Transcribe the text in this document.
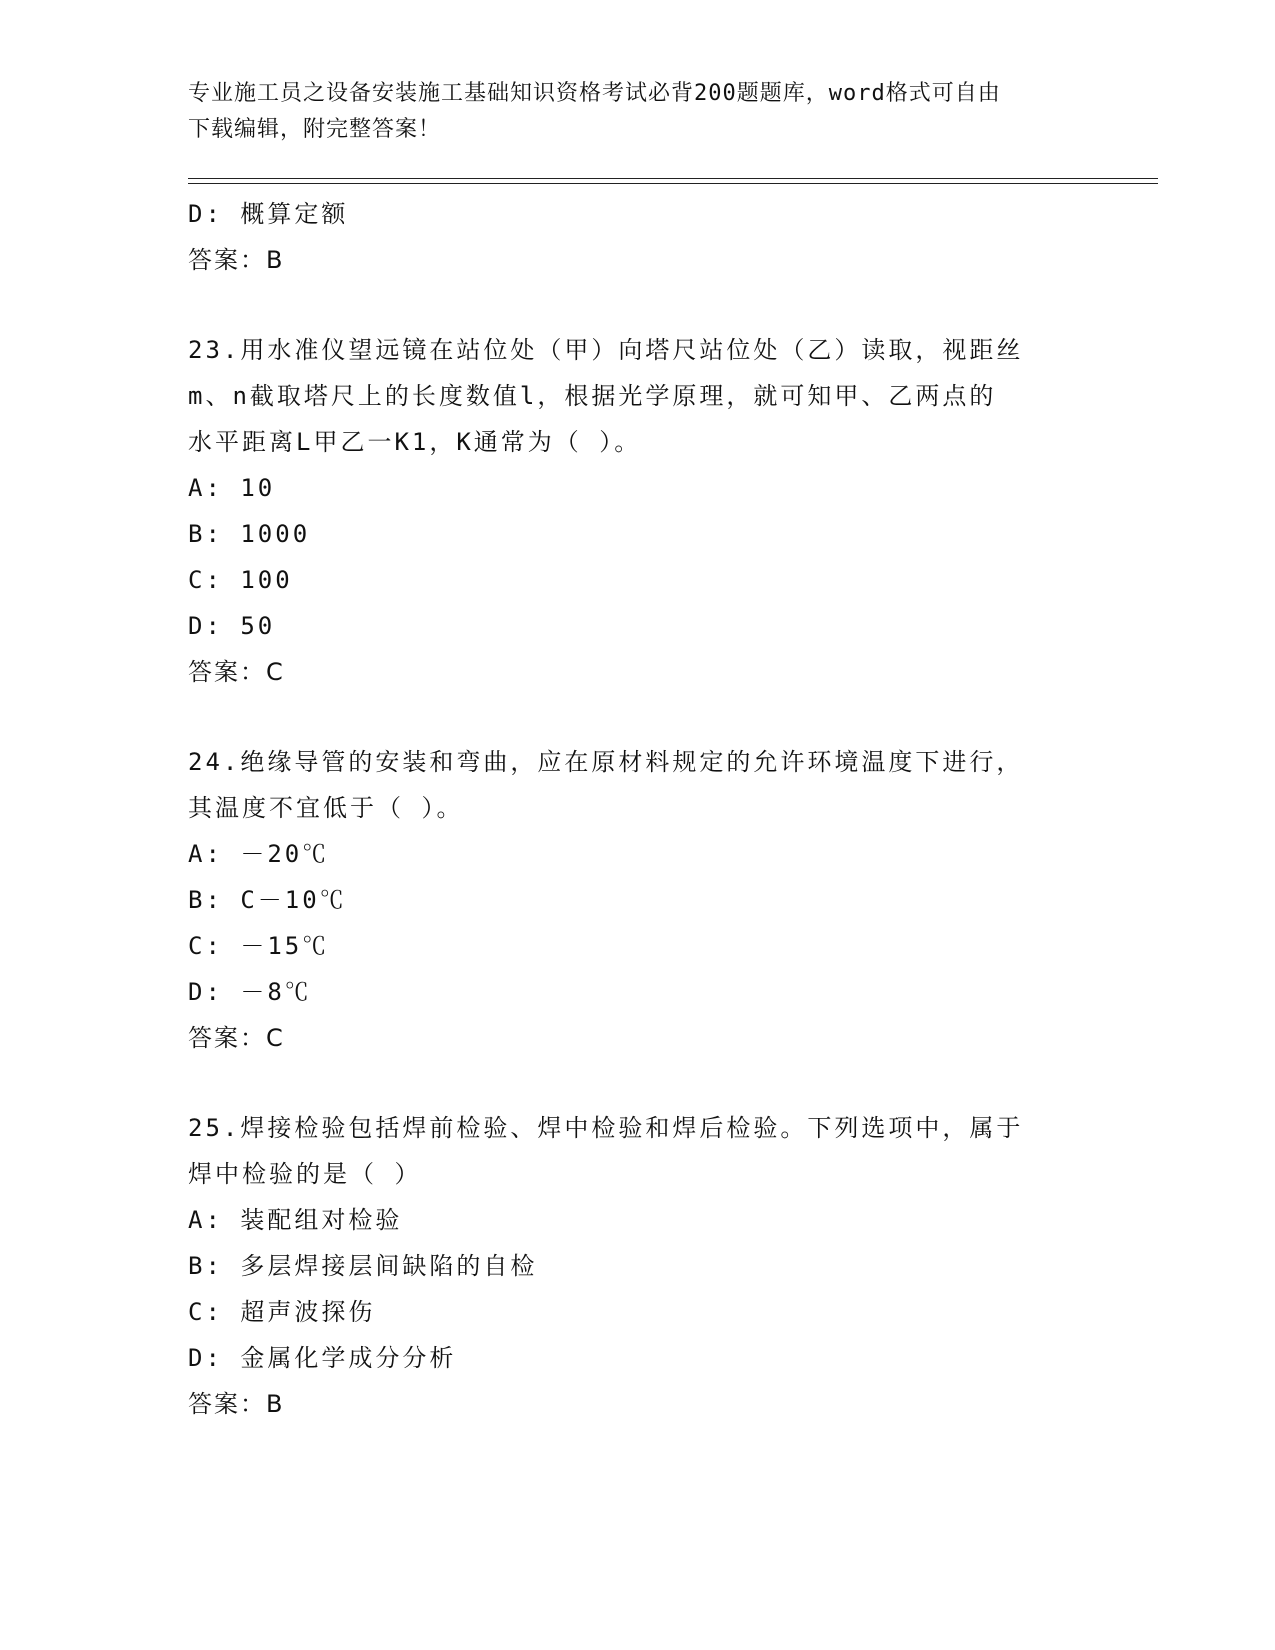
专业施工员之设备安装施工基础知识资格考试必背200题题库，word格式可自由
下载编辑，附完整答案！
D: 概算定额
答案：B
23.用水准仪望远镜在站位处（甲）向塔尺站位处（乙）读取，视距丝
m、n截取塔尺上的长度数值l，根据光学原理，就可知甲、乙两点的
水平距离L甲乙一K1，K通常为（ ）。
A: 10
B: 1000
C: 100
D: 50
答案：C
24.绝缘导管的安装和弯曲，应在原材料规定的允许环境温度下进行，
其温度不宜低于（ ）。
A: －20℃
B: C－10℃
C: －15℃
D: －8℃
答案：C
25.焊接检验包括焊前检验、焊中检验和焊后检验。下列选项中，属于
焊中检验的是（ ）
A: 装配组对检验
B: 多层焊接层间缺陷的自检
C: 超声波探伤
D: 金属化学成分分析
答案：B
